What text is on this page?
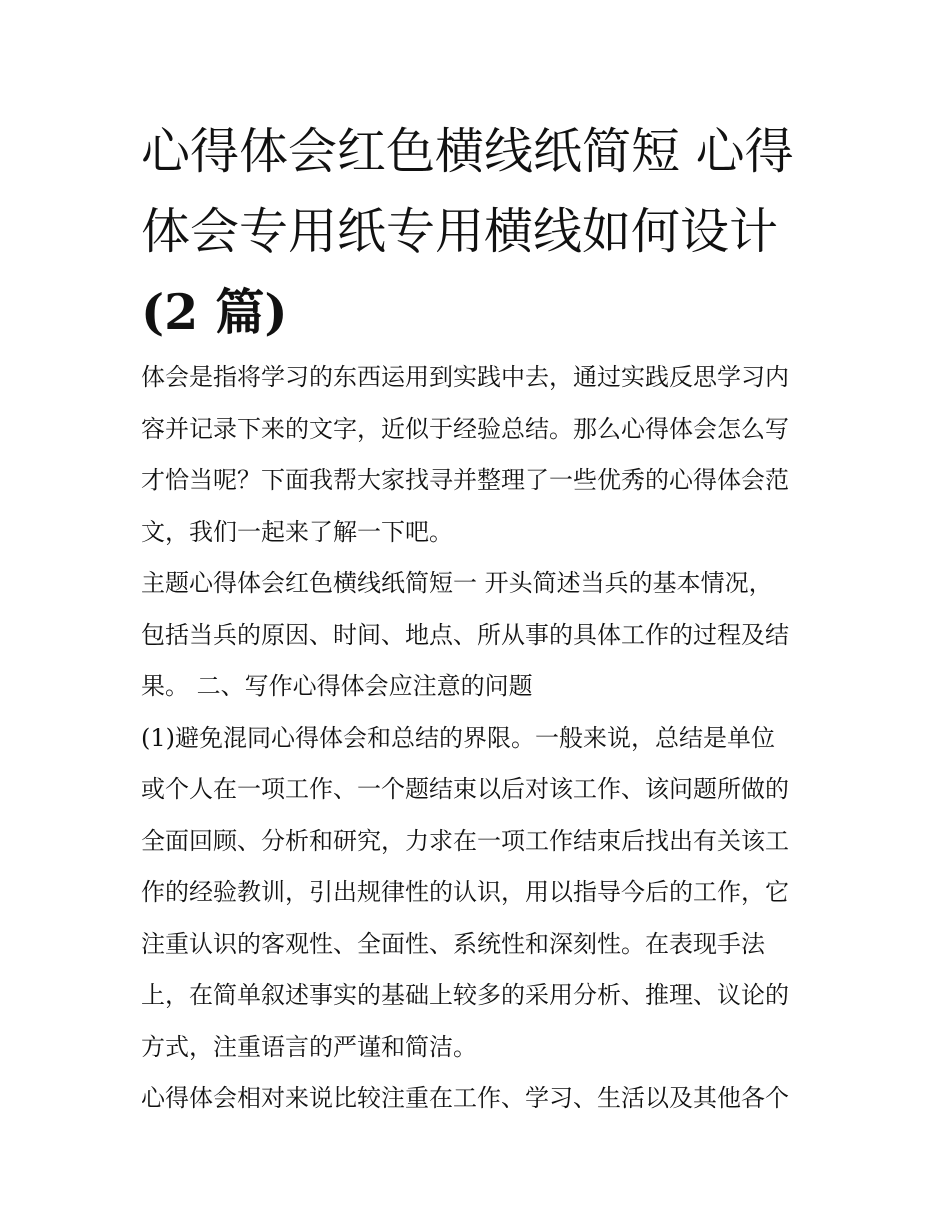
心得体会红色横线纸简短 心得
体会专用纸专用横线如何设计
(2 篇)

体会是指将学习的东西运用到实践中去，通过实践反思学习内
容并记录下来的文字，近似于经验总结。那么心得体会怎么写
才恰当呢？下面我帮大家找寻并整理了一些优秀的心得体会范
文，我们一起来了解一下吧。

主题心得体会红色横线纸简短一 开头简述当兵的基本情况，
包括当兵的原因、时间、地点、所从事的具体工作的过程及结
果。 二、写作心得体会应注意的问题

(1)避免混同心得体会和总结的界限。一般来说，总结是单位
或个人在一项工作、一个题结束以后对该工作、该问题所做的
全面回顾、分析和研究，力求在一项工作结束后找出有关该工
作的经验教训，引出规律性的认识，用以指导今后的工作，它
注重认识的客观性、全面性、系统性和深刻性。在表现手法
上，在简单叙述事实的基础上较多的采用分析、推理、议论的
方式，注重语言的严谨和简洁。

心得体会相对来说比较注重在工作、学习、生活以及其他各个
